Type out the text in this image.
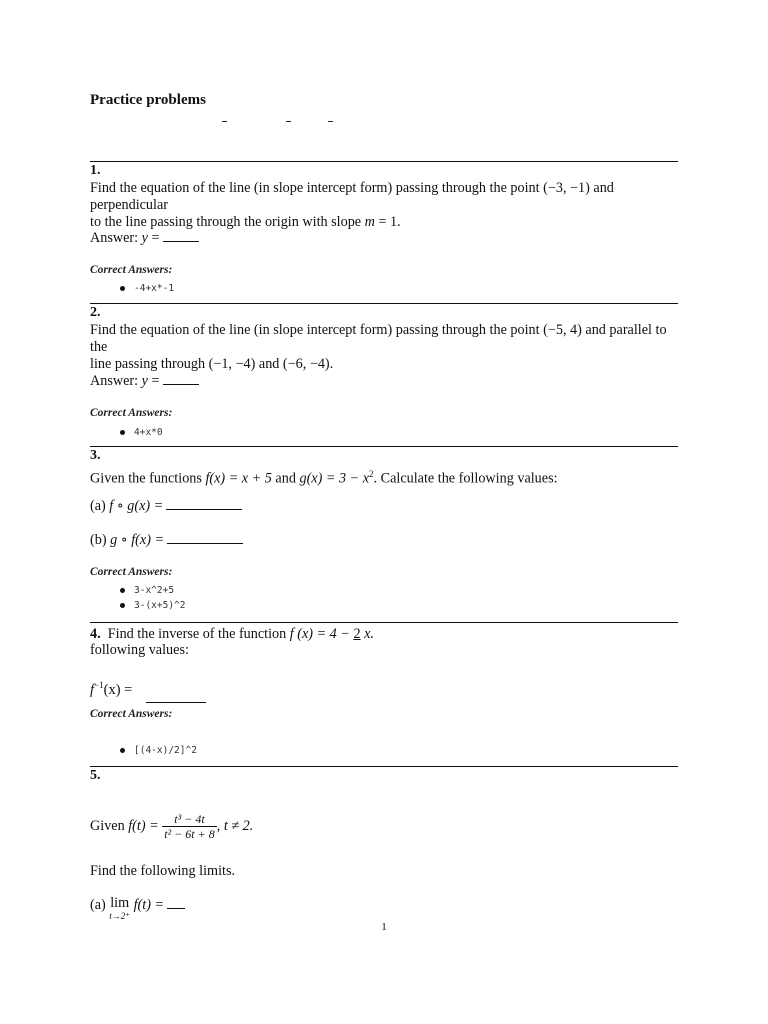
Practice problems
1.
Find the equation of the line (in slope intercept form) passing through the point (−3, −1) and perpendicular
to the line passing through the origin with slope m = 1.
Answer: y =
Correct Answers:
-4+x*-1
2.
Find the equation of the line (in slope intercept form) passing through the point (−5, 4) and parallel to the
line passing through (−1, −4) and (−6, −4).
Answer: y =
Correct Answers:
4+x*0
3.
Given the functions f(x) = x + 5 and $g(x) = 3 - x^2$. Calculate the following values:
(a) f ∘ g(x) =
(b) g ∘ f(x) =
Correct Answers:
3-x^2+5
3-(x+5)^2
4. Find the inverse of the function f (x) = 4 − 2 x.
following values:
$f^{-1}(x)$ =
Correct Answers:
[(4-x)/2]^2
5.
Given $f(t) = \frac{\text{t³ − 4t}}{\text{t² − 6t + 8}}$ , t ≠ 2.
Find the following limits.
(a) lim
t→2⁺
f(t) =
1
